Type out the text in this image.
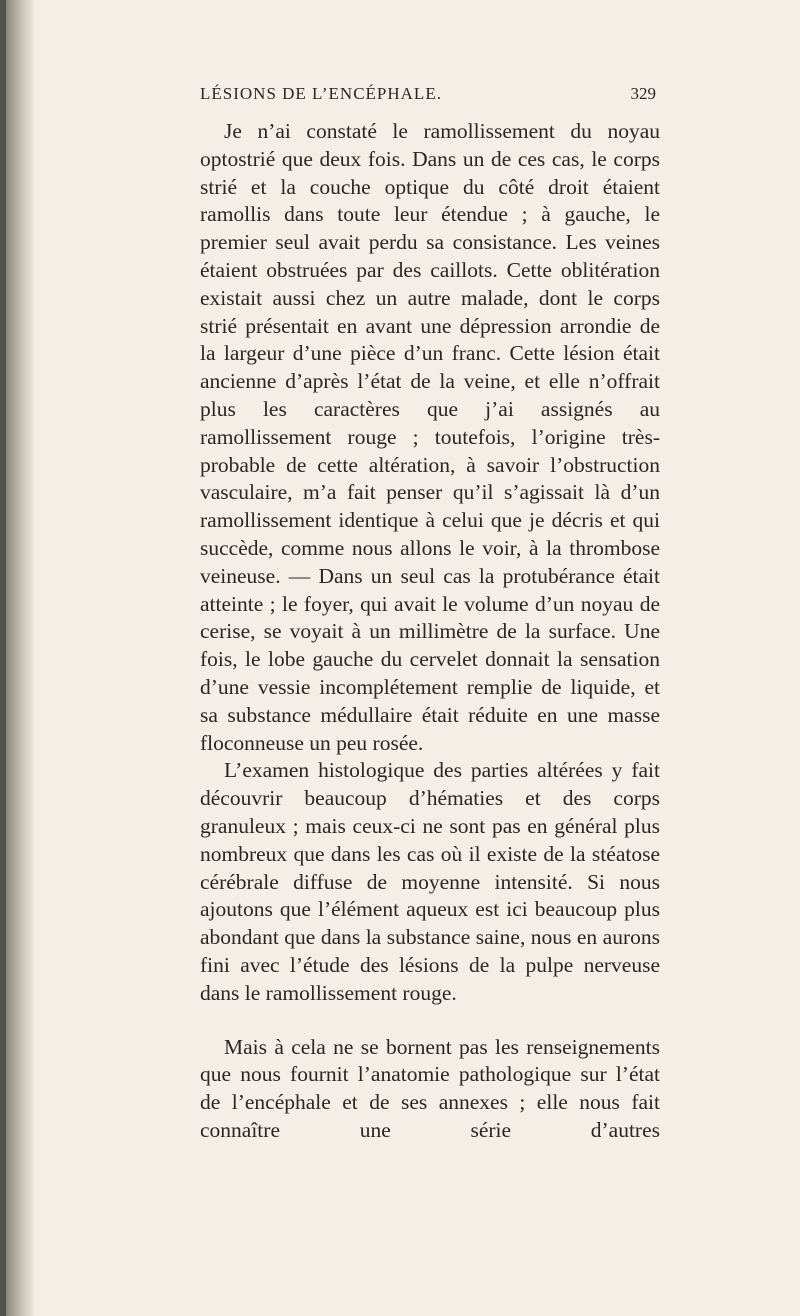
LÉSIONS DE L’ENCÉPHALE.	329

Je n’ai constaté le ramollissement du noyau optostrié que deux fois. Dans un de ces cas, le corps strié et la couche optique du côté droit étaient ramollis dans toute leur étendue ; à gauche, le premier seul avait perdu sa consistance. Les veines étaient obstruées par des caillots. Cette oblitération existait aussi chez un autre malade, dont le corps strié présentait en avant une dépression arrondie de la largeur d’une pièce d’un franc. Cette lésion était ancienne d’après l’état de la veine, et elle n’offrait plus les caractères que j’ai assignés au ramollissement rouge ; toutefois, l’origine très-probable de cette altération, à savoir l’obstruction vasculaire, m’a fait penser qu’il s’agissait là d’un ramollissement identique à celui que je décris et qui succède, comme nous allons le voir, à la thrombose veineuse. — Dans un seul cas la protubérance était atteinte ; le foyer, qui avait le volume d’un noyau de cerise, se voyait à un millimètre de la surface. Une fois, le lobe gauche du cervelet donnait la sensation d’une vessie incomplétement remplie de liquide, et sa substance médullaire était réduite en une masse floconneuse un peu rosée.

L’examen histologique des parties altérées y fait découvrir beaucoup d’hématies et des corps granuleux ; mais ceux-ci ne sont pas en général plus nombreux que dans les cas où il existe de la stéatose cérébrale diffuse de moyenne intensité. Si nous ajoutons que l’élément aqueux est ici beaucoup plus abondant que dans la substance saine, nous en aurons fini avec l’étude des lésions de la pulpe nerveuse dans le ramollissement rouge.

Mais à cela ne se bornent pas les renseignements que nous fournit l’anatomie pathologique sur l’état de l’encéphale et de ses annexes ; elle nous fait connaître une série d’autres
